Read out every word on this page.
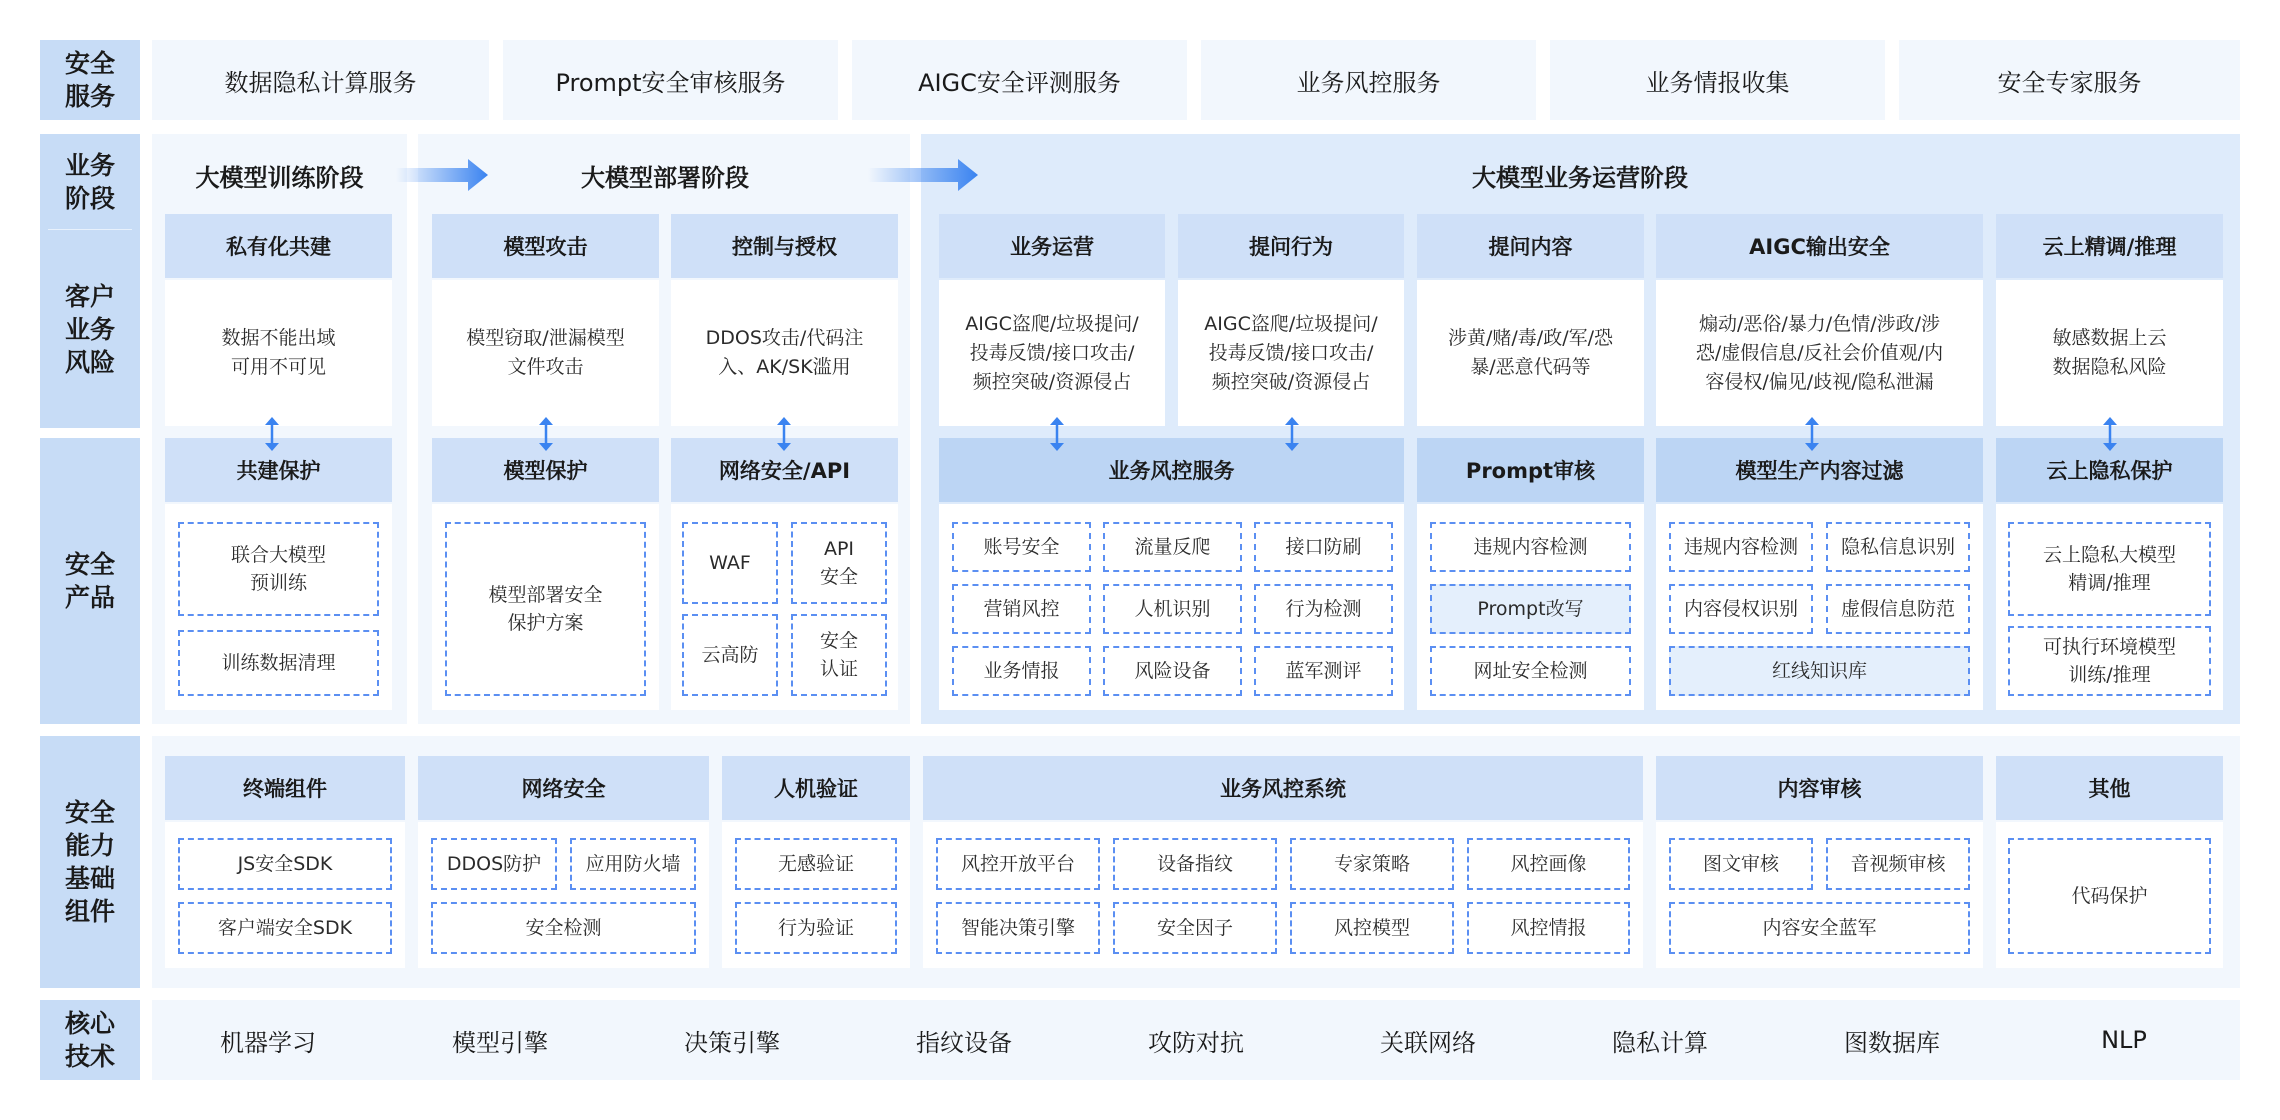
安全
服务
业务
阶段
客户
业务
风险
安全
产品
安全
能力
基础
组件
核心
技术
数据隐私计算服务	Prompt安全审核服务	AIGC安全评测服务	业务风控服务	业务情报收集	安全专家服务
大模型训练阶段	大模型部署阶段	大模型业务运营阶段
私有化共建	模型攻击	控制与授权	业务运营	提问行为	提问内容	AIGC输出安全	云上精调/推理
数据不能出域
可用不可见
模型窃取/泄漏模型
文件攻击
DDOS攻击/代码注
入、AK/SK滥用
AIGC盗爬/垃圾提问/
投毒反馈/接口攻击/
频控突破/资源侵占
AIGC盗爬/垃圾提问/
投毒反馈/接口攻击/
频控突破/资源侵占
涉黄/赌/毒/政/军/恐
暴/恶意代码等
煽动/恶俗/暴力/色情/涉政/涉
恐/虚假信息/反社会价值观/内
容侵权/偏见/歧视/隐私泄漏
敏感数据上云
数据隐私风险
共建保护	模型保护	网络安全/API	业务风控服务	Prompt审核	模型生产内容过滤	云上隐私保护
联合大模型
预训练
训练数据清理
模型部署安全
保护方案
WAF
API
安全
云高防
安全
认证
账号安全	流量反爬	接口防刷
营销风控	人机识别	行为检测
业务情报	风险设备	蓝军测评
违规内容检测
Prompt改写
网址安全检测
违规内容检测	隐私信息识别
内容侵权识别	虚假信息防范
红线知识库
云上隐私大模型
精调/推理
可执行环境模型
训练/推理
终端组件	网络安全	人机验证	业务风控系统	内容审核	其他
JS安全SDK
客户端安全SDK
DDOS防护	应用防火墙
安全检测
无感验证
行为验证
风控开放平台	设备指纹	专家策略	风控画像
智能决策引擎	安全因子	风控模型	风控情报
图文审核	音视频审核
内容安全蓝军
代码保护
机器学习	模型引擎	决策引擎	指纹设备	攻防对抗	关联网络	隐私计算	图数据库	NLP
